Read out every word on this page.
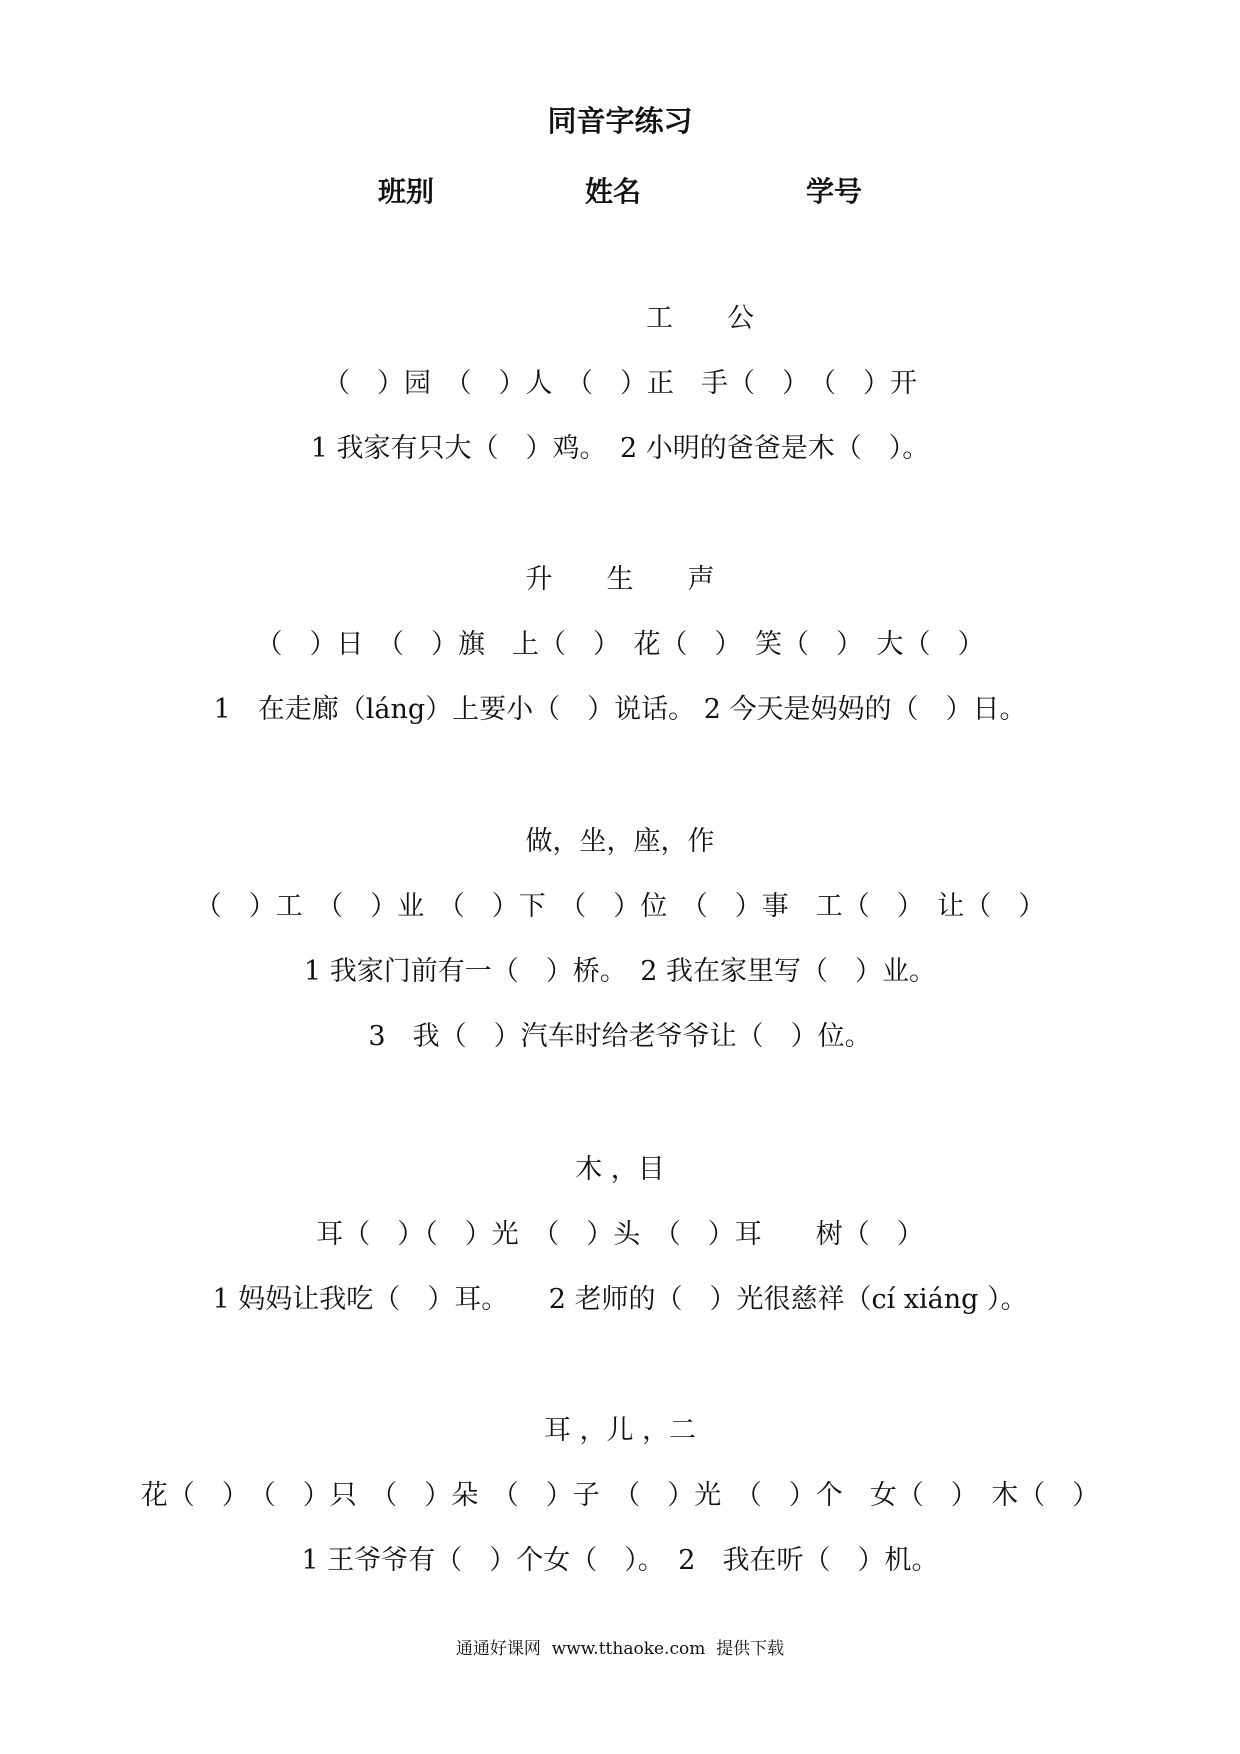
同音字练习
班别	姓名	学号
工　　公
（　）园　（　）人　（　）正　手（　）　（　）开
1 我家有只大（　）鸡。　2 小明的爸爸是木（　）。
升　　生　　声
（　）日　（　）旗　上（　）　花（　）　笑（　）　大（　）
1　在走廊（láng）上要小（　）说话。 2 今天是妈妈的（　）日。
做，坐，座，作
（　）工　（　）业　（　）下　（　）位　（　）事　工（　）　让（　）
1 我家门前有一（　）桥。　2 我在家里写（　）业。
3　我（　）汽车时给老爷爷让（　）位。
木 ，目
耳（　）（　）光　（　）头　（　）耳　　树（　）
1 妈妈让我吃（　）耳。　　2 老师的（　）光很慈祥（cí xiáng ）。
耳 ，儿 ，二
花（　）　（　）只　（　）朵　（　）子　（　）光　（　）个　女（　）　木（　）
1 王爷爷有（　）个女（　）。　2　我在听（　）机。
通通好课网  www.tthaoke.com  提供下载
